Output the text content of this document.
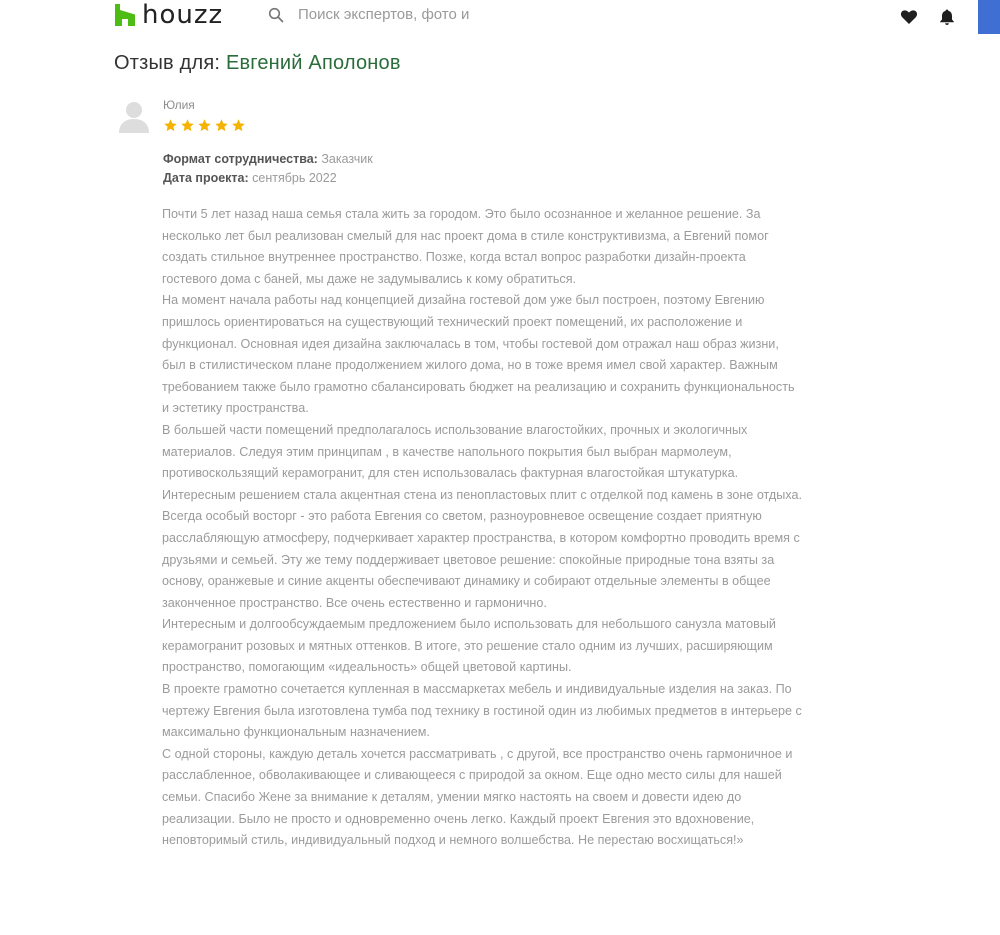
houzz
Поиск экспертов, фото и
Отзыв для: Евгений Аполонов
Юлия
Формат сотрудничества: Заказчик
Дата проекта: сентябрь 2022

Почти 5 лет назад наша семья стала жить за городом. Это было осознанное и желанное решение. За несколько лет был реализован смелый для нас проект дома в стиле конструктивизма, а Евгений помог создать стильное внутреннее пространство. Позже, когда встал вопрос разработки дизайн-проекта гостевого дома с баней, мы даже не задумывались к кому обратиться.

На момент начала работы над концепцией дизайна гостевой дом уже был построен, поэтому Евгению пришлось ориентироваться на существующий технический проект помещений, их расположение и функционал. Основная идея дизайна заключалась в том, чтобы гостевой дом отражал наш образ жизни, был в стилистическом плане продолжением жилого дома, но в тоже время имел свой характер. Важным требованием также было грамотно сбалансировать бюджет на реализацию и сохранить функциональность и эстетику пространства.

В большей части помещений предполагалось использование влагостойких, прочных и экологичных материалов. Следуя этим принципам , в качестве напольного покрытия был выбран мармолеум, противоскользящий керамогранит, для стен использовалась фактурная влагостойкая штукатурка. Интересным решением стала акцентная стена из пенопластовых плит с отделкой под камень в зоне отдыха.

Всегда особый восторг - это работа Евгения со светом, разноуровневое освещение создает приятную расслабляющую атмосферу, подчеркивает характер пространства, в котором комфортно проводить время с друзьями и семьей. Эту же тему поддерживает цветовое решение: спокойные природные тона взяты за основу, оранжевые и синие акценты обеспечивают динамику и собирают отдельные элементы в общее законченное пространство. Все очень естественно и гармонично.

Интересным и долгообсуждаемым предложением было использовать для небольшого санузла матовый керамогранит розовых и мятных оттенков. В итоге, это решение стало одним из лучших, расширяющим пространство, помогающим «идеальность» общей цветовой картины.

В проекте грамотно сочетается купленная в массмаркетах мебель и индивидуальные изделия на заказ. По чертежу Евгения была изготовлена тумба под технику в гостиной один из любимых предметов в интерьере с максимально функциональным назначением.

С одной стороны, каждую деталь хочется рассматривать , с другой, все пространство очень гармоничное и расслабленное, обволакивающее и сливающееся с природой за окном. Еще одно место силы для нашей семьи. Спасибо Жене за внимание к деталям, умении мягко настоять на своем и довести идею до реализации. Было не просто и одновременно очень легко. Каждый проект Евгения это вдохновение, неповторимый стиль, индивидуальный подход и немного волшебства. Не перестаю восхищаться!»
